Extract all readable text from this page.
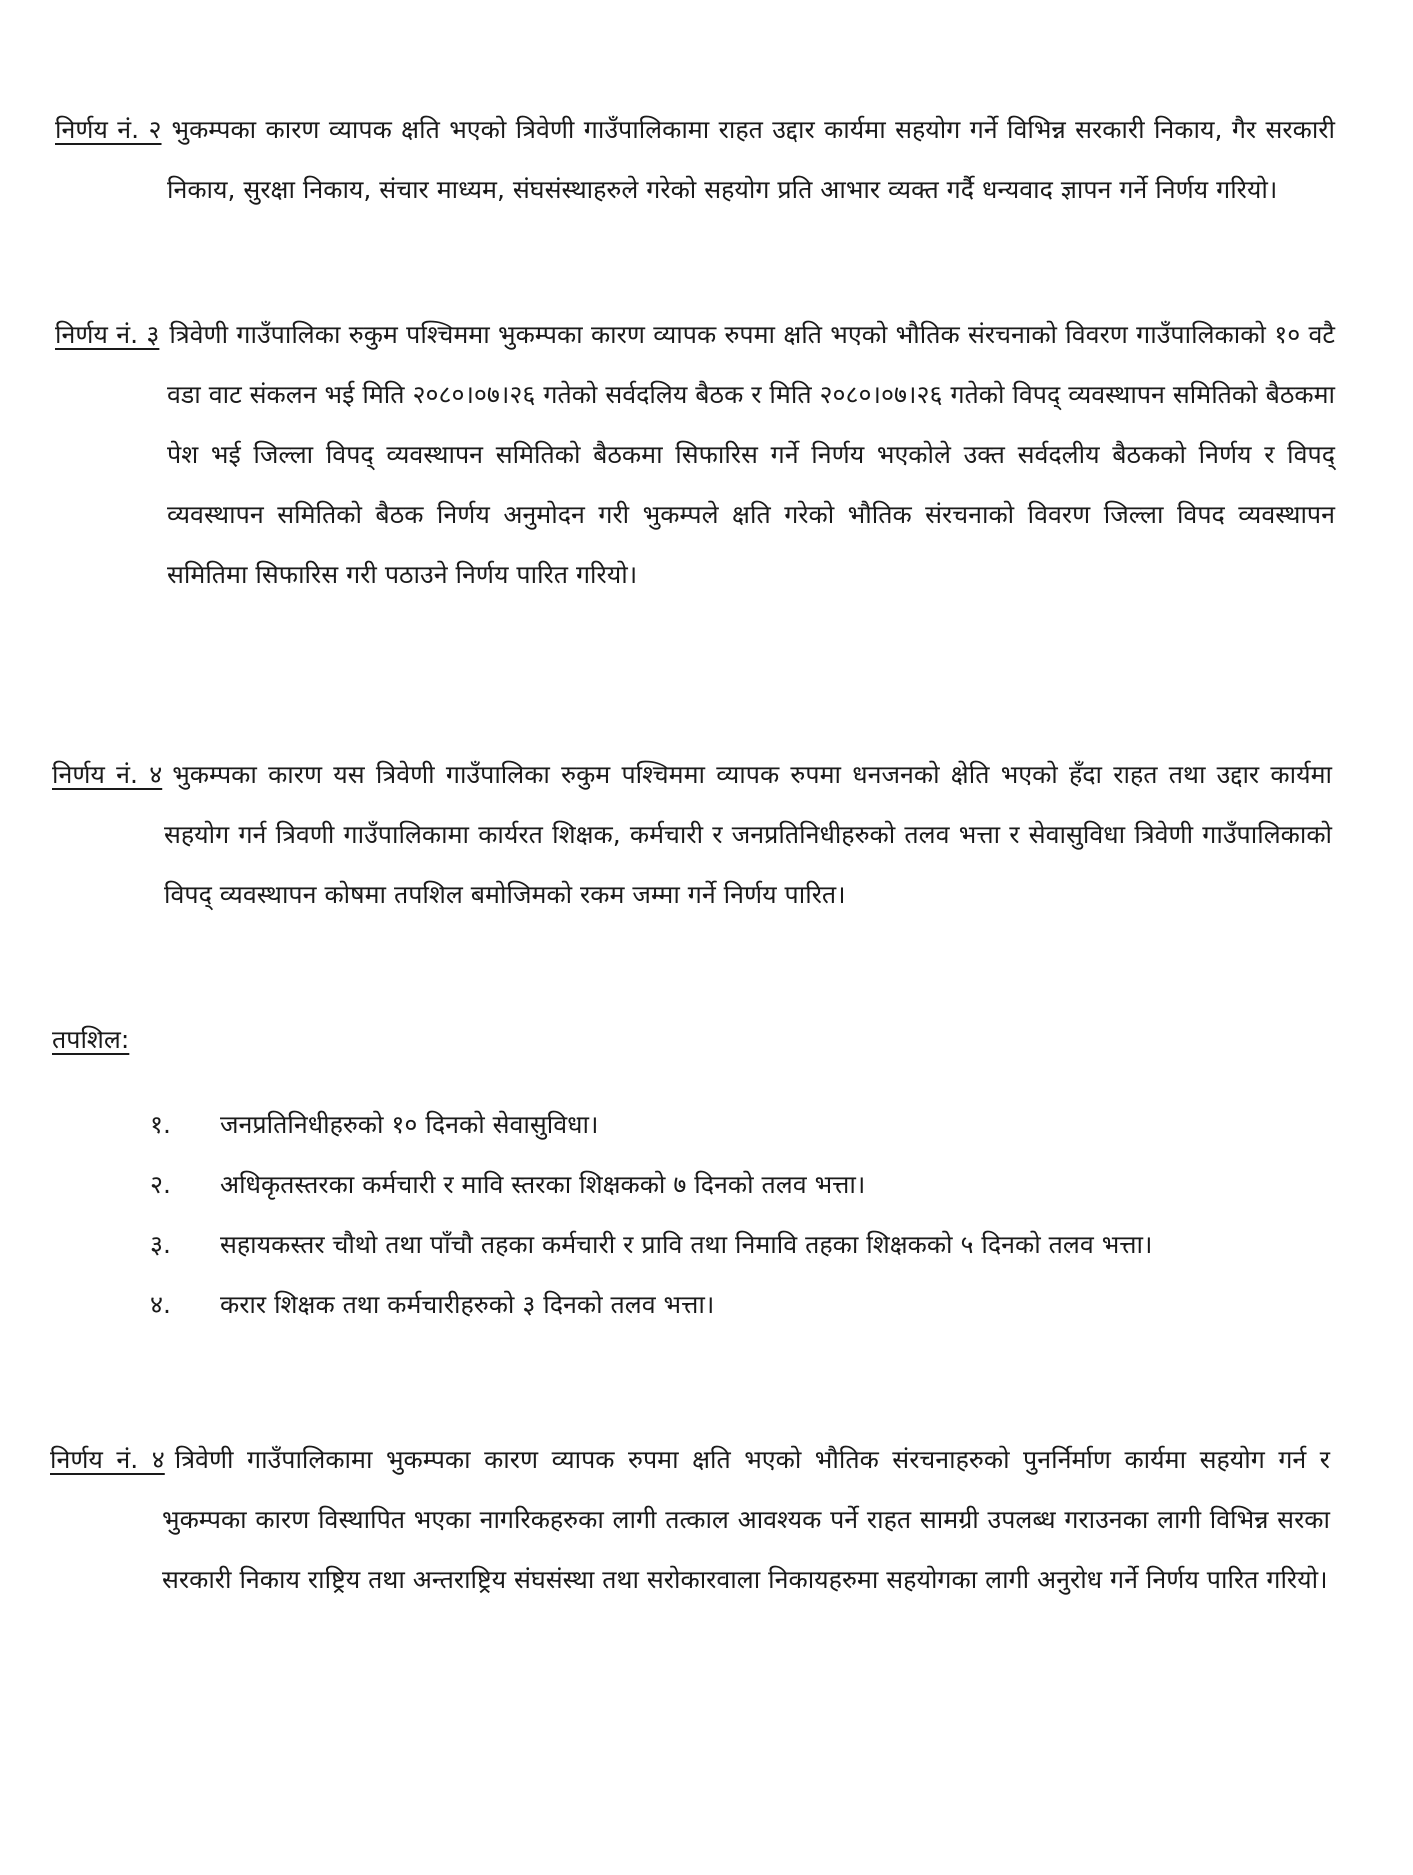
निर्णय नं. २ भुकम्पका कारण व्यापक क्षति भएको त्रिवेणी गाउँपालिकामा राहत उद्दार कार्यमा सहयोग गर्ने विभिन्न सरकारी निकाय, गैर सरकारी निकाय, सुरक्षा निकाय, संचार माध्यम, संघसंस्थाहरुले गरेको सहयोग प्रति आभार व्यक्त गर्दै धन्यवाद ज्ञापन गर्ने निर्णय गरियो।

निर्णय नं. ३ त्रिवेणी गाउँपालिका रुकुम पश्चिममा भुकम्पका कारण व्यापक रुपमा क्षति भएको भौतिक संरचनाको विवरण गाउँपालिकाको १० वटै वडा वाट संकलन भई मिति २०८०।०७।२६ गतेको सर्वदलिय बैठक र मिति २०८०।०७।२६ गतेको विपद् व्यवस्थापन समितिको बैठकमा पेश भई जिल्ला विपद् व्यवस्थापन समितिको बैठकमा सिफारिस गर्ने निर्णय भएकोले उक्त सर्वदलीय बैठकको निर्णय र विपद् व्यवस्थापन समितिको बैठक निर्णय अनुमोदन गरी भुकम्पले क्षति गरेको भौतिक संरचनाको विवरण जिल्ला विपद व्यवस्थापन समितिमा सिफारिस गरी पठाउने निर्णय पारित गरियो।

निर्णय नं. ४ भुकम्पका कारण यस त्रिवेणी गाउँपालिका रुकुम पश्चिममा व्यापक रुपमा धनजनको क्षेति भएको हँदा राहत तथा उद्दार कार्यमा सहयोग गर्न त्रिवणी गाउँपालिकामा कार्यरत शिक्षक, कर्मचारी र जनप्रतिनिधीहरुको तलव भत्ता र सेवासुविधा त्रिवेणी गाउँपालिकाको विपद् व्यवस्थापन कोषमा तपशिल बमोजिमको रकम जम्मा गर्ने निर्णय पारित।

तपशिल:
१.	जनप्रतिनिधीहरुको १० दिनको सेवासुविधा।
२.	अधिकृतस्तरका कर्मचारी र मावि स्तरका शिक्षकको ७ दिनको तलव भत्ता।
३.	सहायकस्तर चौथो तथा पाँचौ तहका कर्मचारी र प्रावि तथा निमावि तहका शिक्षकको ५ दिनको तलव भत्ता।
४.	करार शिक्षक तथा कर्मचारीहरुको ३ दिनको तलव भत्ता।

निर्णय नं. ४ त्रिवेणी गाउँपालिकामा भुकम्पका कारण व्यापक रुपमा क्षति भएको भौतिक संरचनाहरुको पुनर्निर्माण कार्यमा सहयोग गर्न र भुकम्पका कारण विस्थापित भएका नागरिकहरुका लागी तत्काल आवश्यक पर्ने राहत सामग्री उपलब्ध गराउनका लागी विभिन्न सरका सरकारी निकाय राष्ट्रिय तथा अन्तराष्ट्रिय संघसंस्था तथा सरोकारवाला निकायहरुमा सहयोगका लागी अनुरोध गर्ने निर्णय पारित गरियो।
